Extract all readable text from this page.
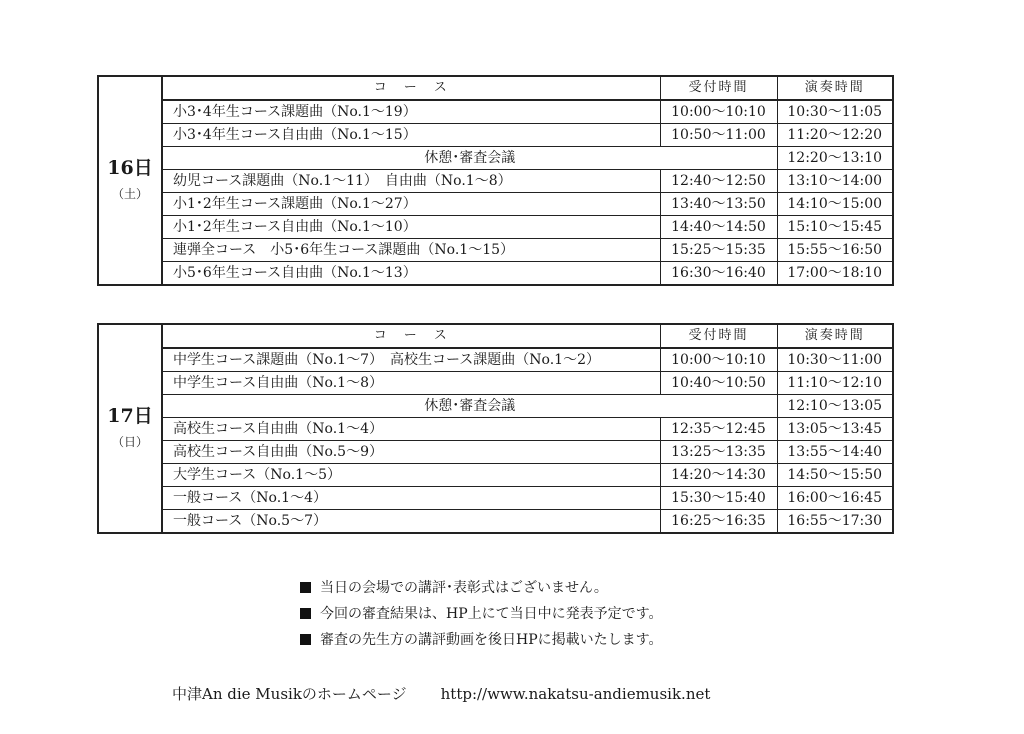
16日
（土）	コ　ー　ス	受付時間	演奏時間
	小3･4年生コース課題曲（No.1～19）	10:00～10:10	10:30～11:05
	小3･4年生コース自由曲（No.1～15）	10:50～11:00	11:20～12:20
	休憩･審査会議		12:20～13:10
	幼児コース課題曲（No.1～11）　自由曲（No.1～8）	12:40～12:50	13:10～14:00
	小1･2年生コース課題曲（No.1～27）	13:40～13:50	14:10～15:00
	小1･2年生コース自由曲（No.1～10）	14:40～14:50	15:10～15:45
	連弾全コース　小5･6年生コース課題曲（No.1～15）	15:25～15:35	15:55～16:50
	小5･6年生コース自由曲（No.1～13）	16:30～16:40	17:00～18:10
17日
（日）	コ　ー　ス	受付時間	演奏時間
	中学生コース課題曲（No.1～7）　高校生コース課題曲（No.1～2）	10:00～10:10	10:30～11:00
	中学生コース自由曲（No.1～8）	10:40～10:50	11:10～12:10
	休憩･審査会議		12:10～13:05
	高校生コース自由曲（No.1～4）	12:35～12:45	13:05～13:45
	高校生コース自由曲（No.5～9）	13:25～13:35	13:55～14:40
	大学生コース（No.1～5）	14:20～14:30	14:50～15:50
	一般コース（No.1～4）	15:30～15:40	16:00～16:45
	一般コース（No.5～7）	16:25～16:35	16:55～17:30
当日の会場での講評･表彰式はございません。
今回の審査結果は、HP上にて当日中に発表予定です。
審査の先生方の講評動画を後日HPに掲載いたします。
中津An die Musikのホームページ http://www.nakatsu-andiemusik.net
